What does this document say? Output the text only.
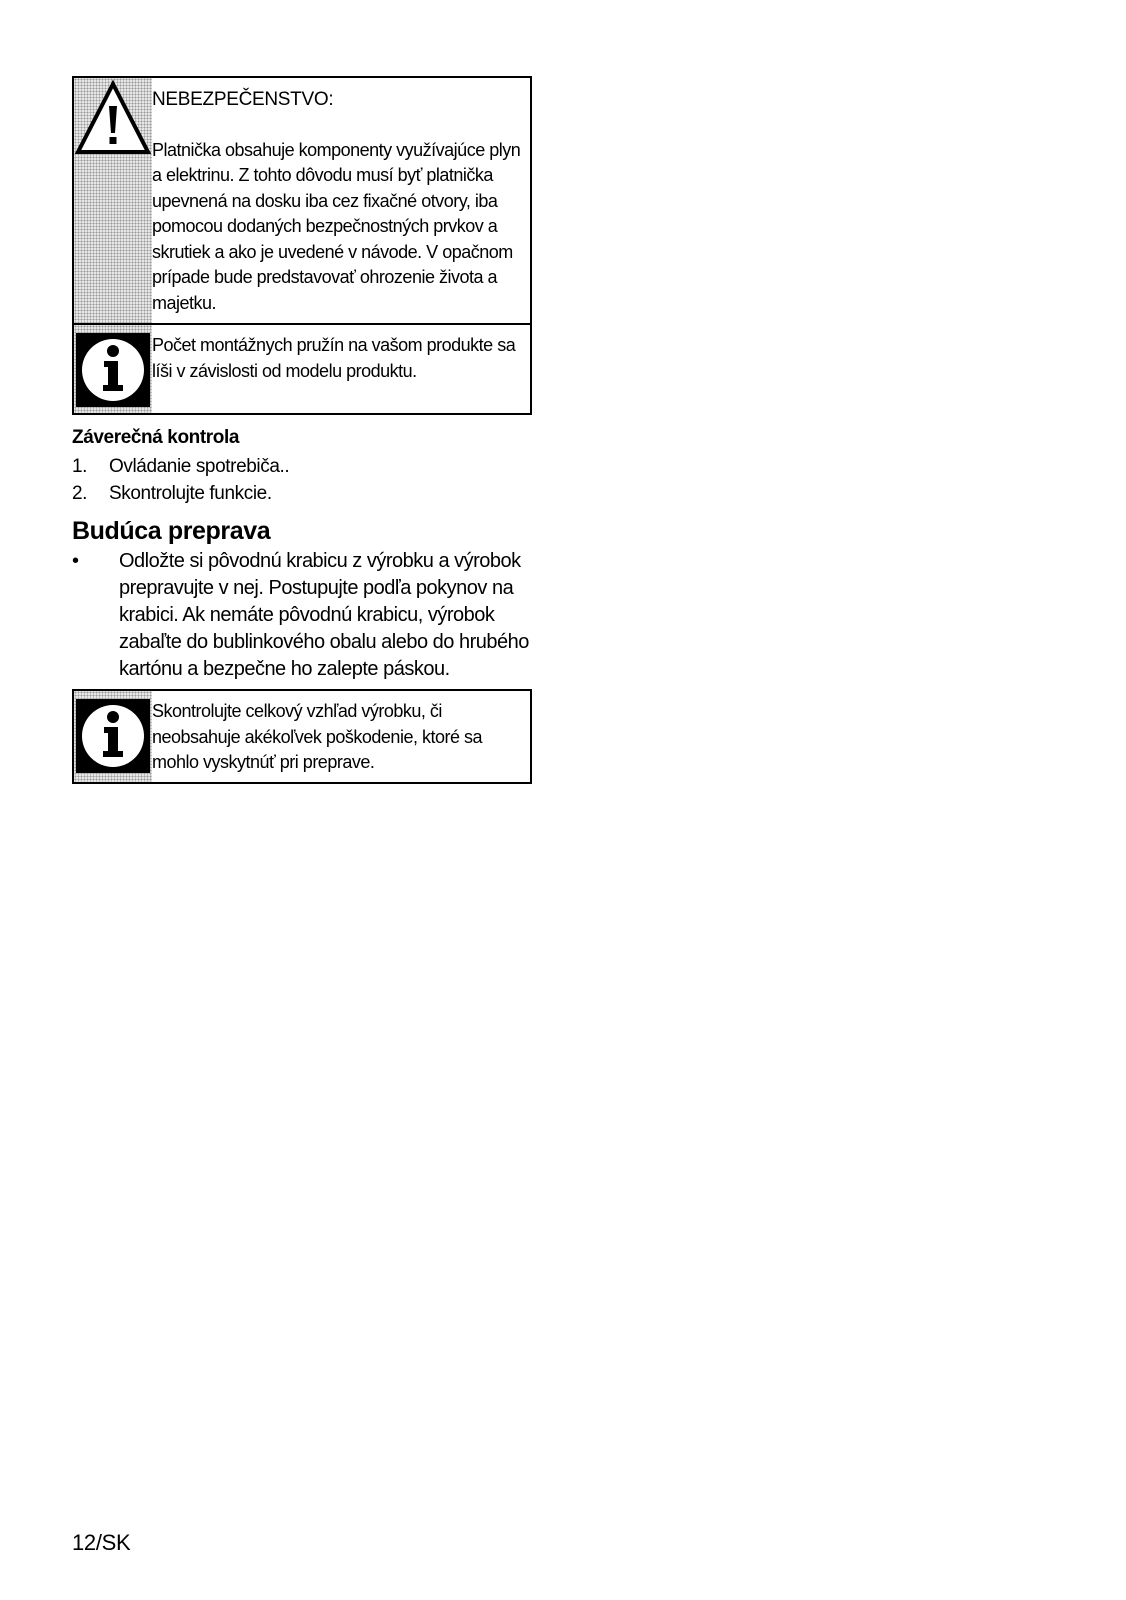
NEBEZPEČENSTVO:
Platnička obsahuje komponenty využívajúce plyn a elektrinu. Z tohto dôvodu musí byť platnička upevnená na dosku iba cez fixačné otvory, iba pomocou dodaných bezpečnostných prvkov a skrutiek a ako je uvedené v návode. V opačnom prípade bude predstavovať ohrozenie života a majetku.
Počet montážnych pružín na vašom produkte sa líši v závislosti od modelu produktu.
Záverečná kontrola
1.	Ovládanie spotrebiča..
2.	Skontrolujte funkcie.
Budúca preprava
•	Odložte si pôvodnú krabicu z výrobku a výrobok prepravujte v nej. Postupujte podľa pokynov na krabici. Ak nemáte pôvodnú krabicu, výrobok zabaľte do bublinkového obalu alebo do hrubého kartónu a bezpečne ho zalepte páskou.
Skontrolujte celkový vzhľad výrobku, či neobsahuje akékoľvek poškodenie, ktoré sa mohlo vyskytnúť pri preprave.
12/SK
